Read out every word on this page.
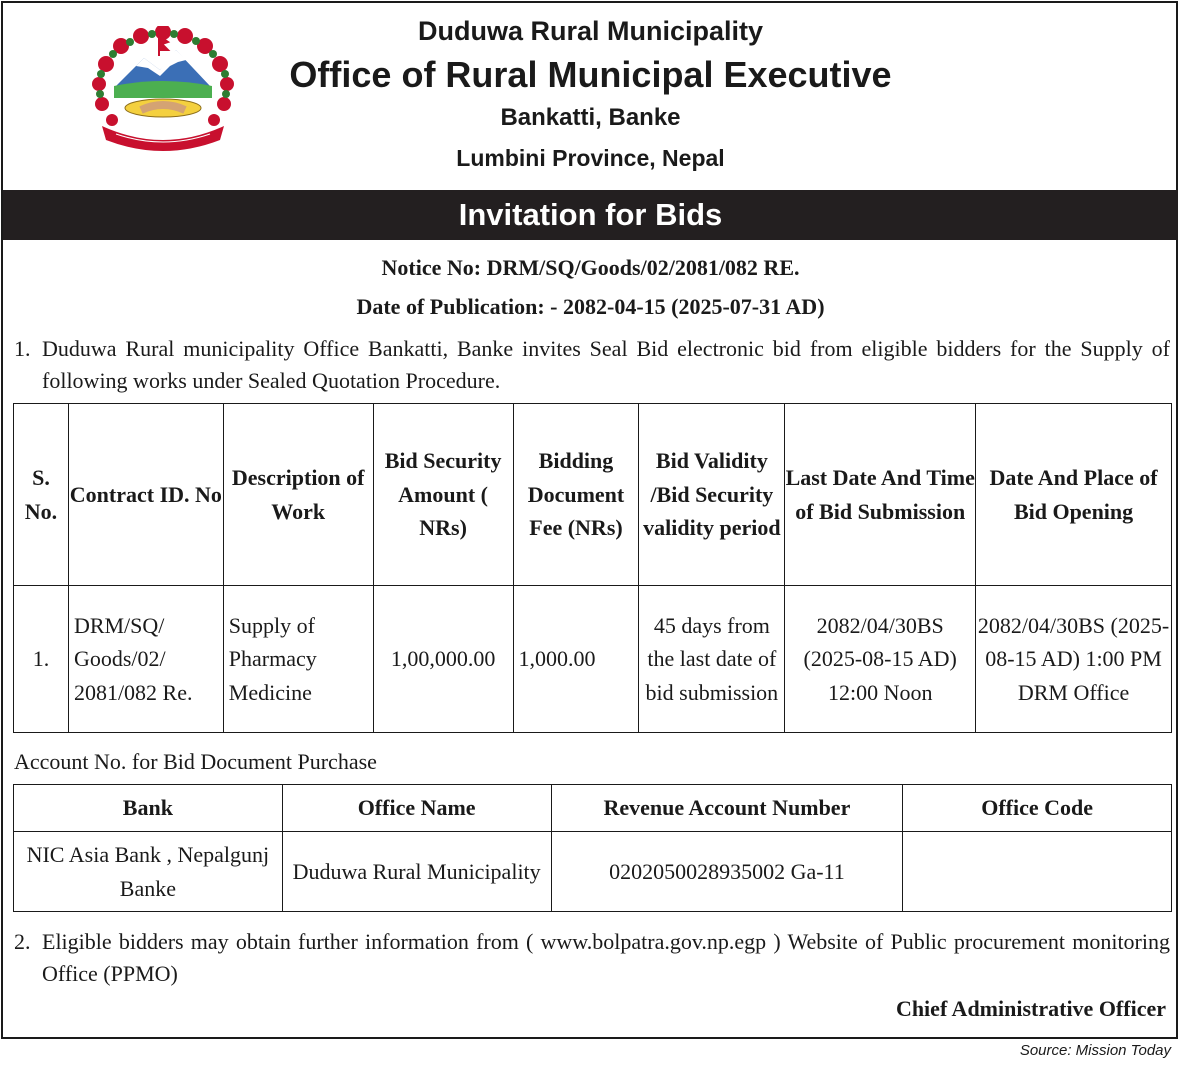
Duduwa Rural Municipality
Office of Rural Municipal Executive
Bankatti, Banke
Lumbini Province, Nepal
Invitation for Bids
Notice No: DRM/SQ/Goods/02/2081/082 RE.
Date of Publication: - 2082-04-15 (2025-07-31 AD)
1. Duduwa Rural municipality Office Bankatti, Banke invites Seal Bid electronic bid from eligible bidders for the Supply of following works under Sealed Quotation Procedure.
S. No.	Contract ID. No	Description of Work	Bid Security Amount ( NRs)	Bidding Document Fee (NRs)	Bid Validity /Bid Security validity period	Last Date And Time of Bid Submission	Date And Place of Bid Opening
1.	DRM/SQ/ Goods/02/ 2081/082 Re.	Supply of Pharmacy Medicine	1,00,000.00	1,000.00	45 days from the last date of bid submission	2082/04/30BS (2025-08-15 AD) 12:00 Noon	2082/04/30BS (2025-08-15 AD) 1:00 PM DRM Office
Account No. for Bid Document Purchase
Bank	Office Name	Revenue Account Number	Office Code
NIC Asia Bank , Nepalgunj Banke	Duduwa Rural Municipality	0202050028935002 Ga-11	
2. Eligible bidders may obtain further information from ( www.bolpatra.gov.np.egp ) Website of Public procurement monitoring Office (PPMO)
Chief Administrative Officer
Source: Mission Today
